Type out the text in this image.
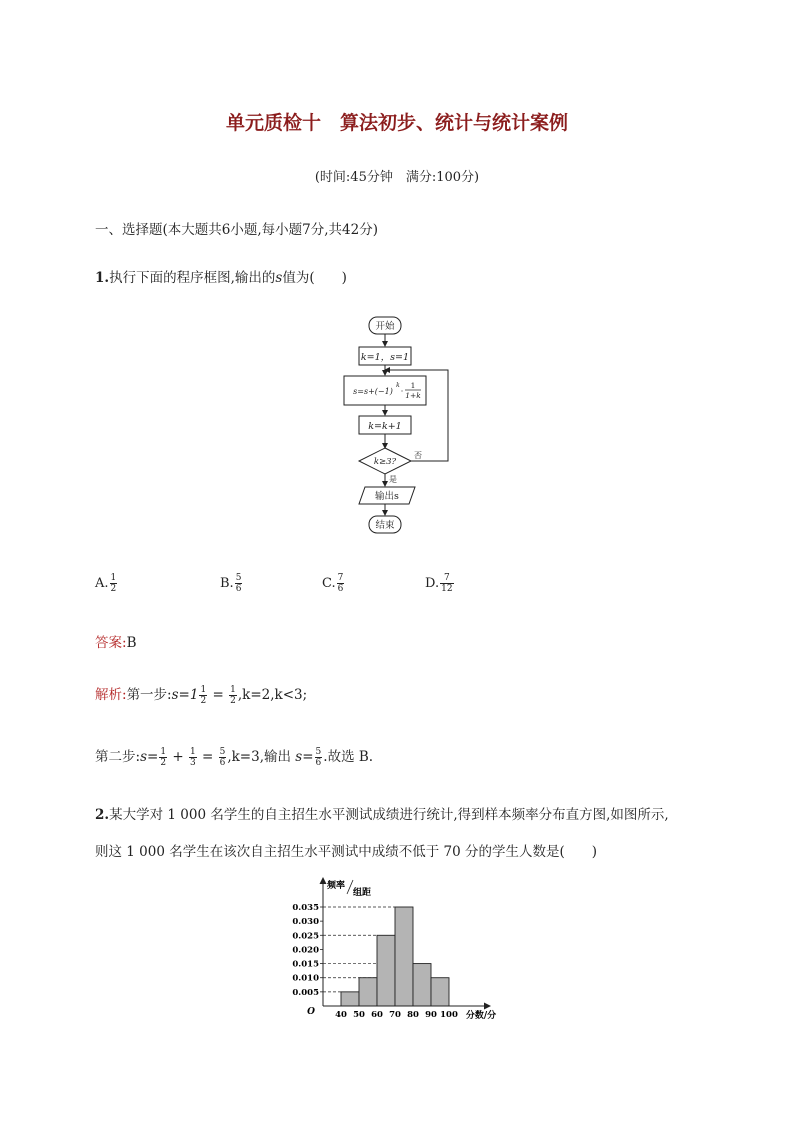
单元质检十　算法初步、统计与统计案例
(时间:45分钟　满分:100分)
一、选择题(本大题共6小题,每小题7分,共42分)
1.执行下面的程序框图,输出的s值为(　　)
开始
k=1，s=1
s=s+(−1)
k
·
1
1+k
k=k+1
k≥3?
否
是
输出s
结束
A. $\frac{1}{2}$	B. $\frac{5}{6}$	C. $\frac{7}{6}$	D. $\frac{7}{12}$
答案:B
解析:第一步:s=1 $\frac{1}{2} = \frac{1}{2} ,k=2,k<3$;
第二步:s= $\frac{1}{2} + \frac{1}{3} = \frac{5}{6} ,k=3$,输出 $s= \frac{5}{6}$ .故选 B.
2.某大学对 1 000 名学生的自主招生水平测试成绩进行统计,得到样本频率分布直方图,如图所示,
则这 1 000 名学生在该次自主招生水平测试中成绩不低于 70 分的学生人数是(　　)
0.005
0.010
0.015
0.020
0.025
0.030
0.035
40 50 60 70 80 90 100
O	分数/分
频率
组距
